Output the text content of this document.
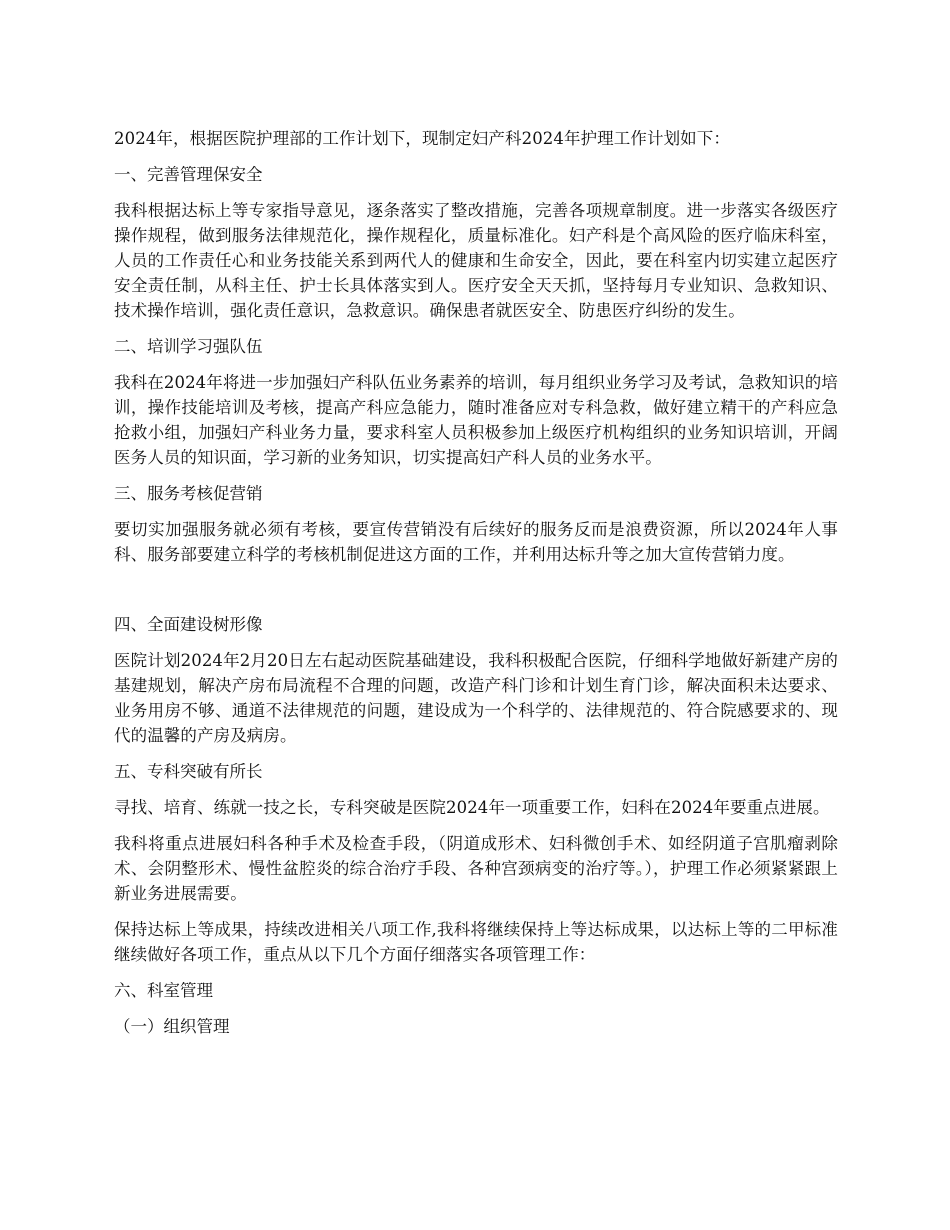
2024年，根据医院护理部的工作计划下，现制定妇产科2024年护理工作计划如下：

一、完善管理保安全

我科根据达标上等专家指导意见，逐条落实了整改措施，完善各项规章制度。进一步落实各级医疗操作规程，做到服务法律规范化，操作规程化，质量标准化。妇产科是个高风险的医疗临床科室，人员的工作责任心和业务技能关系到两代人的健康和生命安全，因此，要在科室内切实建立起医疗安全责任制，从科主任、护士长具体落实到人。医疗安全天天抓，坚持每月专业知识、急救知识、技术操作培训，强化责任意识，急救意识。确保患者就医安全、防患医疗纠纷的发生。

二、培训学习强队伍

我科在2024年将进一步加强妇产科队伍业务素养的培训，每月组织业务学习及考试，急救知识的培训，操作技能培训及考核，提高产科应急能力，随时准备应对专科急救，做好建立精干的产科应急抢救小组，加强妇产科业务力量，要求科室人员积极参加上级医疗机构组织的业务知识培训，开阔医务人员的知识面，学习新的业务知识，切实提高妇产科人员的业务水平。

三、服务考核促营销

要切实加强服务就必须有考核，要宣传营销没有后续好的服务反而是浪费资源，所以2024年人事科、服务部要建立科学的考核机制促进这方面的工作，并利用达标升等之加大宣传营销力度。

四、全面建设树形像

医院计划2024年2月20日左右起动医院基础建设，我科积极配合医院，仔细科学地做好新建产房的基建规划，解决产房布局流程不合理的问题，改造产科门诊和计划生育门诊，解决面积未达要求、业务用房不够、通道不法律规范的问题，建设成为一个科学的、法律规范的、符合院感要求的、现代的温馨的产房及病房。

五、专科突破有所长

寻找、培育、练就一技之长，专科突破是医院2024年一项重要工作，妇科在2024年要重点进展。

我科将重点进展妇科各种手术及检查手段，（阴道成形术、妇科微创手术、如经阴道子宫肌瘤剥除术、会阴整形术、慢性盆腔炎的综合治疗手段、各种宫颈病变的治疗等。），护理工作必须紧紧跟上新业务进展需要。

保持达标上等成果，持续改进相关八项工作,我科将继续保持上等达标成果，以达标上等的二甲标准继续做好各项工作，重点从以下几个方面仔细落实各项管理工作：

六、科室管理

（一）组织管理
